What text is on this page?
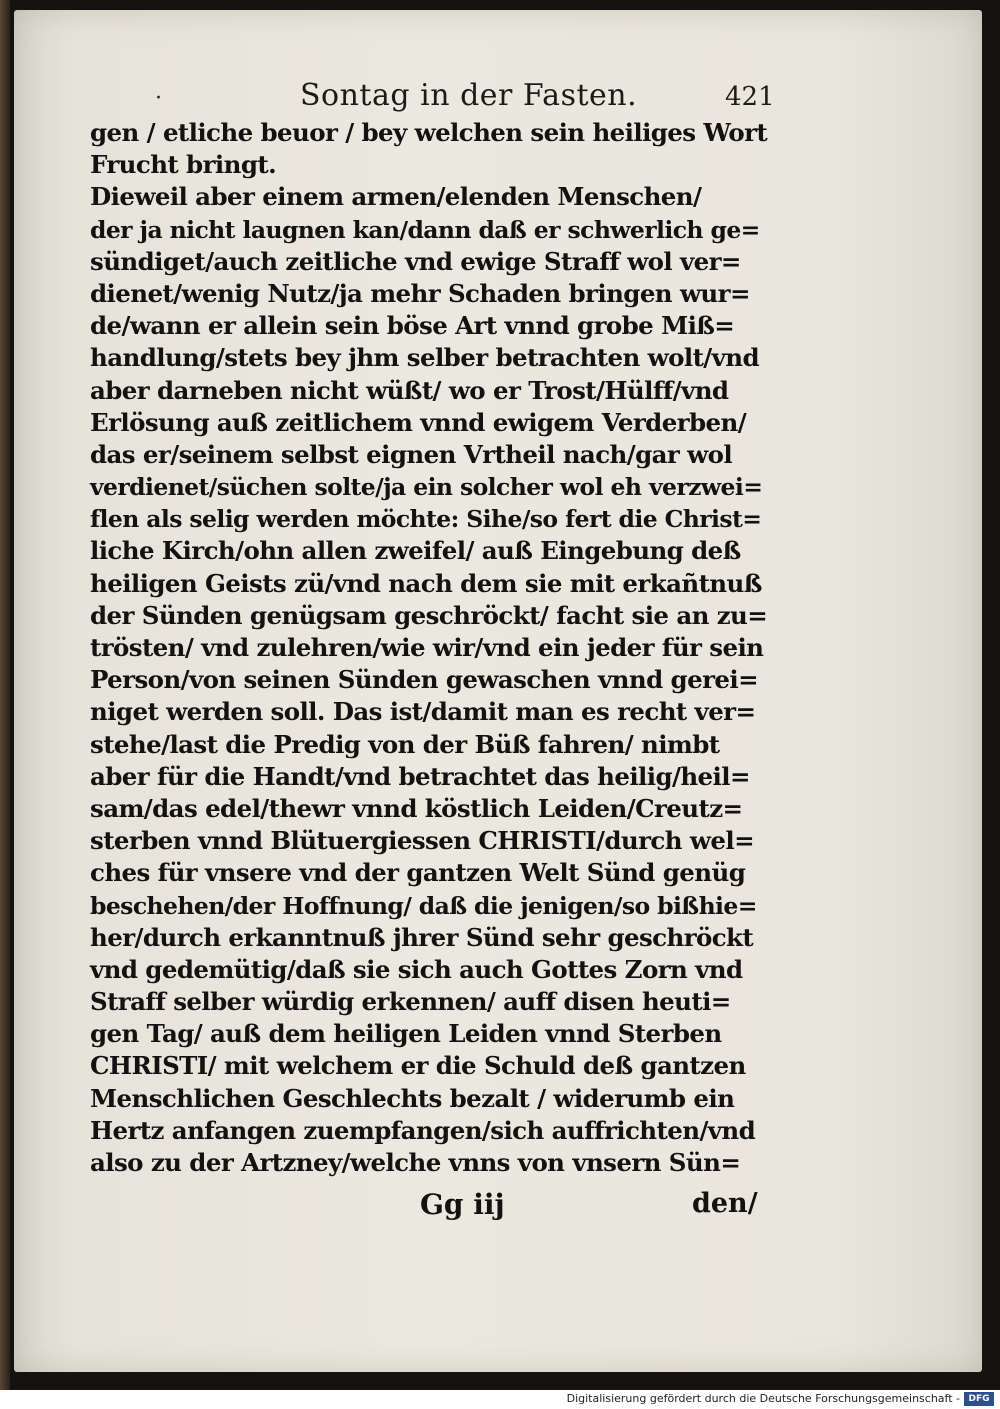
·	Sontag in der Fasten.	421
gen / etliche beuor / bey welchen sein heiliges Wort
Frucht bringt.
Dieweil aber einem armen/elenden Menschen/
der ja nicht laugnen kan/dann daß er schwerlich ge=
sündiget/auch zeitliche vnd ewige Straff wol ver=
dienet/wenig Nutz/ja mehr Schaden bringen wur=
de/wann er allein sein böse Art vnnd grobe Miß=
handlung/stets bey jhm selber betrachten wolt/vnd
aber darneben nicht wüßt/ wo er Trost/Hülff/vnd
Erlösung auß zeitlichem vnnd ewigem Verderben/
das er/seinem selbst eignen Vrtheil nach/gar wol
verdienet/süchen solte/ja ein solcher wol eh verzwei=
flen als selig werden möchte: Sihe/so fert die Christ=
liche Kirch/ohn allen zweifel/ auß Eingebung deß
heiligen Geists zü/vnd nach dem sie mit erkañtnuß
der Sünden genügsam geschröckt/ facht sie an zu=
trösten/ vnd zulehren/wie wir/vnd ein jeder für sein
Person/von seinen Sünden gewaschen vnnd gerei=
niget werden soll. Das ist/damit man es recht ver=
stehe/last die Predig von der Büß fahren/ nimbt
aber für die Handt/vnd betrachtet das heilig/heil=
sam/das edel/thewr vnnd köstlich Leiden/Creutz=
sterben vnnd Blütuergiessen CHRISTI/durch wel=
ches für vnsere vnd der gantzen Welt Sünd genüg
beschehen/der Hoffnung/ daß die jenigen/so bißhie=
her/durch erkanntnuß jhrer Sünd sehr geschröckt
vnd gedemütig/daß sie sich auch Gottes Zorn vnd
Straff selber würdig erkennen/ auff disen heuti=
gen Tag/ auß dem heiligen Leiden vnnd Sterben
CHRISTI/ mit welchem er die Schuld deß gantzen
Menschlichen Geschlechts bezalt / widerumb ein
Hertz anfangen zuempfangen/sich auffrichten/vnd
also zu der Artzney/welche vnns von vnsern Sün=
Gg iij	den/
Digitalisierung gefördert durch die Deutsche Forschungsgemeinschaft - DFG
